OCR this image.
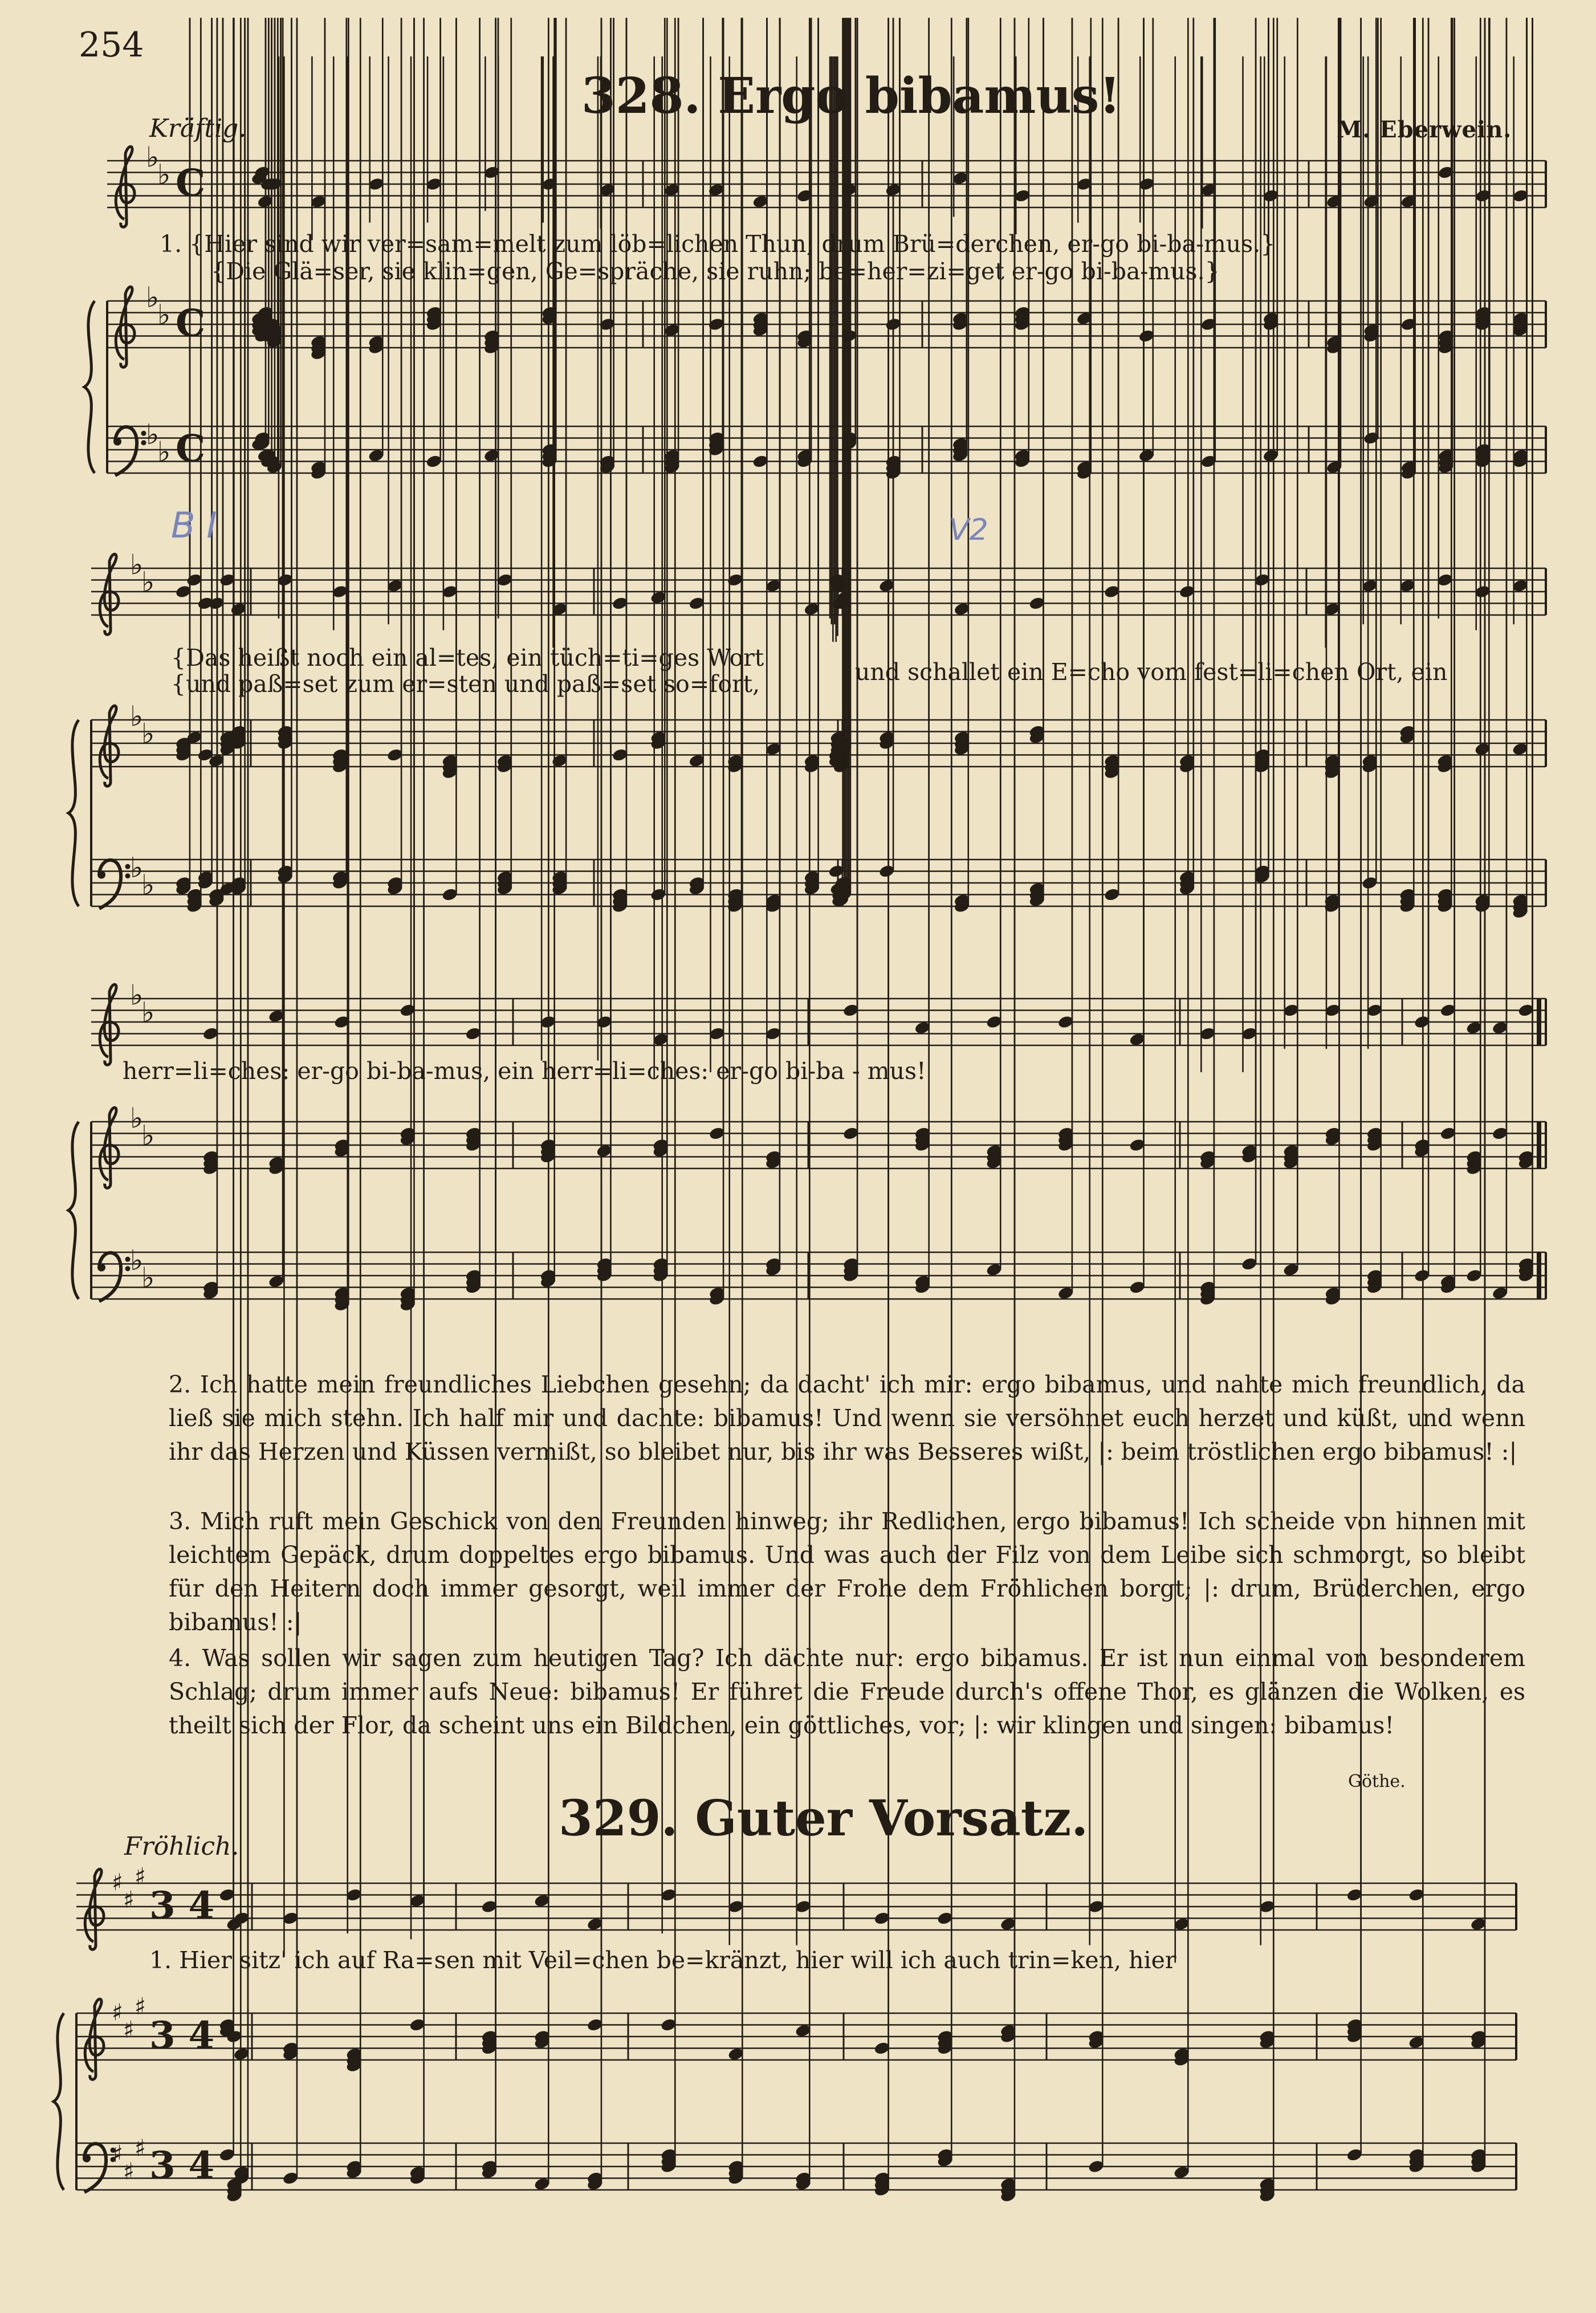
♭
♭ C
♭
♭ C
♭
♭ C
♭
♭
♭
♭
♭
♭
♭
♭
♭
♭
♭
♭
♯
♯
♯
3 4
♯
♯
♯
3 4
♯
♯
♯ 3 4
254
328. Ergo bibamus!
Kräftig.	M. Eberwein.
1. {Hier sind wir ver=sam=melt zum löb=lichen Thun; drum Brü=derchen, er-go bi-ba-mus.}
{Die Glä=ser, sie klin=gen, Ge=spräche, sie ruhn; be=her=zi=get er-go bi-ba-mus.}
B I	V2
{Das heißt noch ein al=tes, ein tüch=ti=ges Wort
{und paß=set zum er=sten und paß=set so=fort,	und schallet ein E=cho vom fest=li=chen Ort, ein
herr=li=ches: er-go bi-ba-mus, ein herr=li=ches: er-go bi-ba - mus!

2. Ich hatte mein freundliches Liebchen gesehn; da dacht' ich mir: ergo bibamus, und nahte mich freundlich, da ließ sie mich stehn. Ich half mir und dachte: bibamus! Und wenn sie versöhnet euch herzet und küßt, und wenn ihr das Herzen und Küssen vermißt, so bleibet nur, bis ihr was Besseres wißt, |: beim tröstlichen ergo bibamus! :|

3. Mich ruft mein Geschick von den Freunden hinweg; ihr Redlichen, ergo bibamus! Ich scheide von hinnen mit leichtem Gepäck, drum doppeltes ergo bibamus. Und was auch der Filz von dem Leibe sich schmorgt, so bleibt für den Heitern doch immer gesorgt, weil immer der Frohe dem Fröhlichen borgt; |: drum, Brüderchen, ergo bibamus! :|

4. Was sollen wir sagen zum heutigen Tag? Ich dächte nur: ergo bibamus. Er ist nun einmal von besonderem Schlag; drum immer aufs Neue: bibamus! Er führet die Freude durch's offene Thor, es glänzen die Wolken, es theilt sich der Flor, da scheint uns ein Bildchen, ein göttliches, vor; |: wir klingen und singen: bibamus!

Göthe.
329. Guter Vorsatz.
Fröhlich.
1. Hier sitz' ich auf Ra=sen mit Veil=chen be=kränzt, hier will ich auch trin=ken, hier
